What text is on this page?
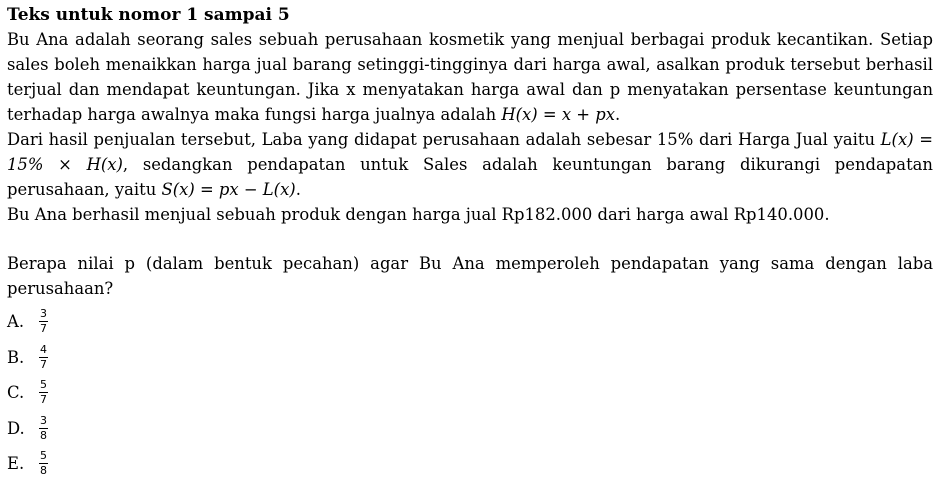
Teks untuk nomor 1 sampai 5

Bu Ana adalah seorang sales sebuah perusahaan kosmetik yang menjual berbagai produk kecantikan. Setiap sales boleh menaikkan harga jual barang setinggi-tingginya dari harga awal, asalkan produk tersebut berhasil terjual dan mendapat keuntungan. Jika x menyatakan harga awal dan p menyatakan persentase keuntungan terhadap harga awalnya maka fungsi harga jualnya adalah H(x) = x + px.

Dari hasil penjualan tersebut, Laba yang didapat perusahaan adalah sebesar 15% dari Harga Jual yaitu L(x) = 15% × H(x), sedangkan pendapatan untuk Sales adalah keuntungan barang dikurangi pendapatan perusahaan, yaitu S(x) = px − L(x).

Bu Ana berhasil menjual sebuah produk dengan harga jual Rp182.000 dari harga awal Rp140.000.

Berapa nilai p (dalam bentuk pecahan) agar Bu Ana memperoleh pendapatan yang sama dengan laba perusahaan?

A.	$\frac{3}{7}$
B.	$\frac{4}{7}$
C.	$\frac{5}{7}$
D.	$\frac{3}{8}$
E.	$\frac{5}{8}$
